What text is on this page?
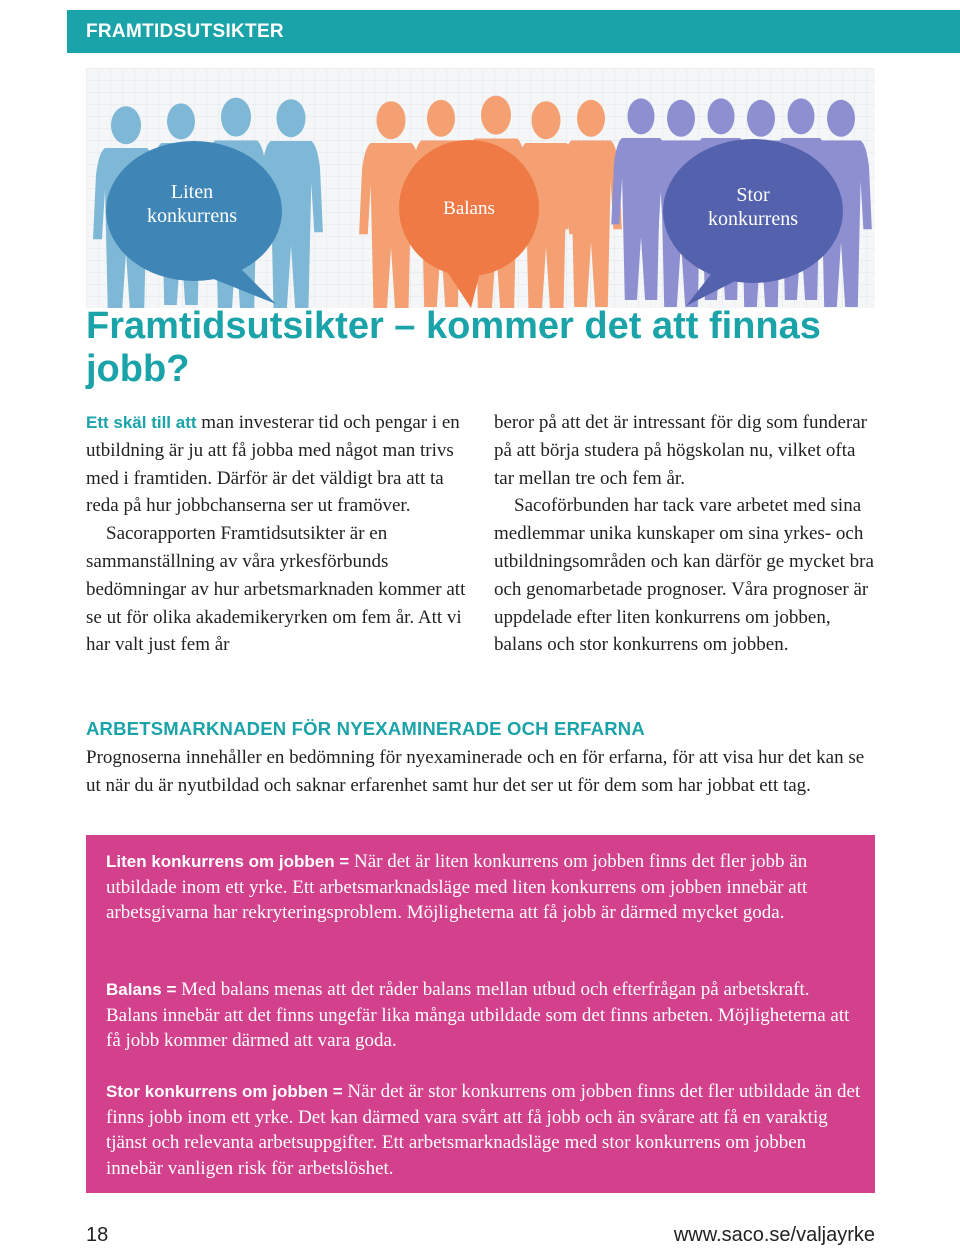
FRAMTIDSUTSIKTER
Liten
konkurrens	Balans
Stor
konkurrens
Framtidsutsikter – kommer det att finnas jobb?

Ett skäl till att man investerar tid och pengar i en utbildning är ju att få jobba med något man trivs med i framtiden. Därför är det väldigt bra att ta reda på hur jobbchanserna ser ut framöver.

Sacorapporten Framtidsutsikter är en sammanställning av våra yrkesförbunds bedömningar av hur arbetsmarknaden kommer att se ut för olika akademikeryrken om fem år. Att vi har valt just fem år

beror på att det är intressant för dig som funderar på att börja studera på högskolan nu, vilket ofta tar mellan tre och fem år.

Sacoförbunden har tack vare arbetet med sina medlemmar unika kunskaper om sina yrkes- och utbildningsområden och kan därför ge mycket bra och genomarbetade prognoser. Våra prognoser är uppdelade efter liten konkurrens om jobben, balans och stor konkurrens om jobben.

ARBETSMARKNADEN FÖR NYEXAMINERADE OCH ERFARNA

Prognoserna innehåller en bedömning för nyexaminerade och en för erfarna, för att visa hur det kan se ut när du är nyutbildad och saknar erfarenhet samt hur det ser ut för dem som har jobbat ett tag.

Liten konkurrens om jobben = När det är liten konkurrens om jobben finns det fler jobb än utbildade inom ett yrke. Ett arbetsmarknadsläge med liten konkurrens om jobben innebär att arbetsgivarna har rekryteringsproblem. Möjligheterna att få jobb är därmed mycket goda.

Balans = Med balans menas att det råder balans mellan utbud och efterfrågan på arbetskraft. Balans innebär att det finns ungefär lika många utbildade som det finns arbeten. Möjligheterna att få jobb kommer därmed att vara goda.

Stor konkurrens om jobben = När det är stor konkurrens om jobben finns det fler utbildade än det finns jobb inom ett yrke. Det kan därmed vara svårt att få jobb och än svårare att få en varaktig tjänst och relevanta arbetsuppgifter. Ett arbetsmarknadsläge med stor konkurrens om jobben innebär vanligen risk för arbetslöshet.

18	www.saco.se/valjayrke
